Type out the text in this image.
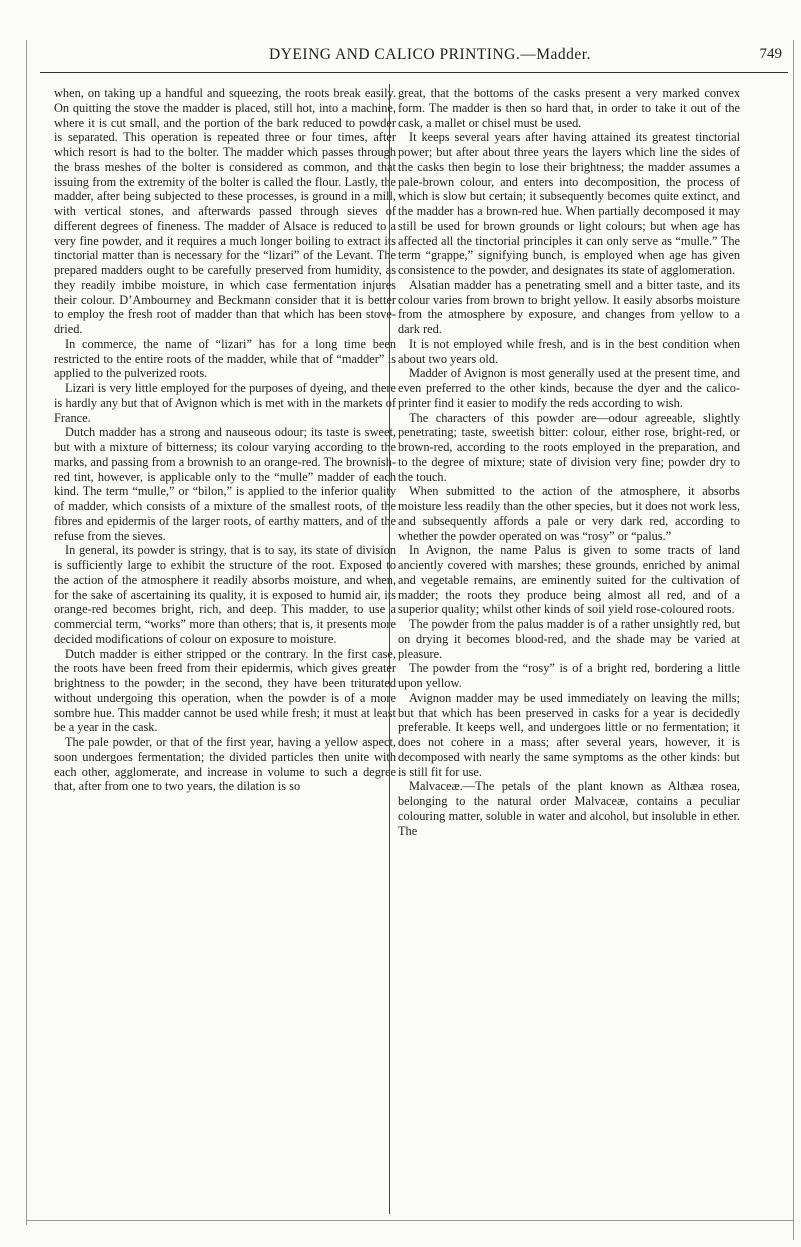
DYEING AND CALICO PRINTING.—Madder.	749

when, on taking up a handful and squeezing, the roots break easily. On quitting the stove the madder is placed, still hot, into a machine, where it is cut small, and the portion of the bark reduced to powder is separated. This operation is repeated three or four times, after which resort is had to the bolter. The madder which passes through the brass meshes of the bolter is considered as common, and that issuing from the extremity of the bolter is called the flour. Lastly, the madder, after being subjected to these processes, is ground in a mill, with vertical stones, and afterwards passed through sieves of different degrees of fineness. The madder of Alsace is reduced to a very fine powder, and it requires a much longer boiling to extract its tinctorial matter than is necessary for the “lizari” of the Levant. The prepared madders ought to be carefully preserved from humidity, as they readily imbibe moisture, in which case fermentation injures their colour. D’Ambourney and Beckmann consider that it is better to employ the fresh root of madder than that which has been stove-dried.

In commerce, the name of “lizari” has for a long time been restricted to the entire roots of the madder, while that of “madder” is applied to the pulverized roots.

Lizari is very little employed for the purposes of dyeing, and there is hardly any but that of Avignon which is met with in the markets of France.

Dutch madder has a strong and nauseous odour; its taste is sweet, but with a mixture of bitterness; its colour varying according to the marks, and passing from a brownish to an orange-red. The brownish-red tint, however, is applicable only to the “mulle” madder of each kind. The term “mulle,” or “bilon,” is applied to the inferior quality of madder, which consists of a mixture of the smallest roots, of the fibres and epidermis of the larger roots, of earthy matters, and of the refuse from the sieves.

In general, its powder is stringy, that is to say, its state of division is sufficiently large to exhibit the structure of the root. Exposed to the action of the atmosphere it readily absorbs moisture, and when, for the sake of ascertaining its quality, it is exposed to humid air, its orange-red becomes bright, rich, and deep. This madder, to use a commercial term, “works” more than others; that is, it presents more decided modifications of colour on exposure to moisture.

Dutch madder is either stripped or the contrary. In the first case, the roots have been freed from their epidermis, which gives greater brightness to the powder; in the second, they have been triturated without undergoing this operation, when the powder is of a more sombre hue. This madder cannot be used while fresh; it must at least be a year in the cask.

The pale powder, or that of the first year, having a yellow aspect, soon undergoes fermentation; the divided particles then unite with each other, agglomerate, and increase in volume to such a degree that, after from one to two years, the dilation is so

great, that the bottoms of the casks present a very marked convex form. The madder is then so hard that, in order to take it out of the cask, a mallet or chisel must be used.

It keeps several years after having attained its greatest tinctorial power; but after about three years the layers which line the sides of the casks then begin to lose their brightness; the madder assumes a pale-brown colour, and enters into decomposition, the process of which is slow but certain; it subsequently becomes quite extinct, and the madder has a brown-red hue. When partially decomposed it may still be used for brown grounds or light colours; but when age has affected all the tinctorial principles it can only serve as “mulle.” The term “grappe,” signifying bunch, is employed when age has given consistence to the powder, and designates its state of agglomeration.

Alsatian madder has a penetrating smell and a bitter taste, and its colour varies from brown to bright yellow. It easily absorbs moisture from the atmosphere by exposure, and changes from yellow to a dark red.

It is not employed while fresh, and is in the best condition when about two years old.

Madder of Avignon is most generally used at the present time, and even preferred to the other kinds, because the dyer and the calico-printer find it easier to modify the reds according to wish.

The characters of this powder are—odour agreeable, slightly penetrating; taste, sweetish bitter: colour, either rose, bright-red, or brown-red, according to the roots employed in the preparation, and to the degree of mixture; state of division very fine; powder dry to the touch.

When submitted to the action of the atmosphere, it absorbs moisture less readily than the other species, but it does not work less, and subsequently affords a pale or very dark red, according to whether the powder operated on was “rosy” or “palus.”

In Avignon, the name Palus is given to some tracts of land anciently covered with marshes; these grounds, enriched by animal and vegetable remains, are eminently suited for the cultivation of madder; the roots they produce being almost all red, and of a superior quality; whilst other kinds of soil yield rose-coloured roots.

The powder from the palus madder is of a rather unsightly red, but on drying it becomes blood-red, and the shade may be varied at pleasure.

The powder from the “rosy” is of a bright red, bordering a little upon yellow.

Avignon madder may be used immediately on leaving the mills; but that which has been preserved in casks for a year is decidedly preferable. It keeps well, and undergoes little or no fermentation; it does not cohere in a mass; after several years, however, it is decomposed with nearly the same symptoms as the other kinds: but is still fit for use.

Malvaceæ.—The petals of the plant known as Althæa rosea, belonging to the natural order Malvaceæ, contains a peculiar colouring matter, soluble in water and alcohol, but insoluble in ether. The
